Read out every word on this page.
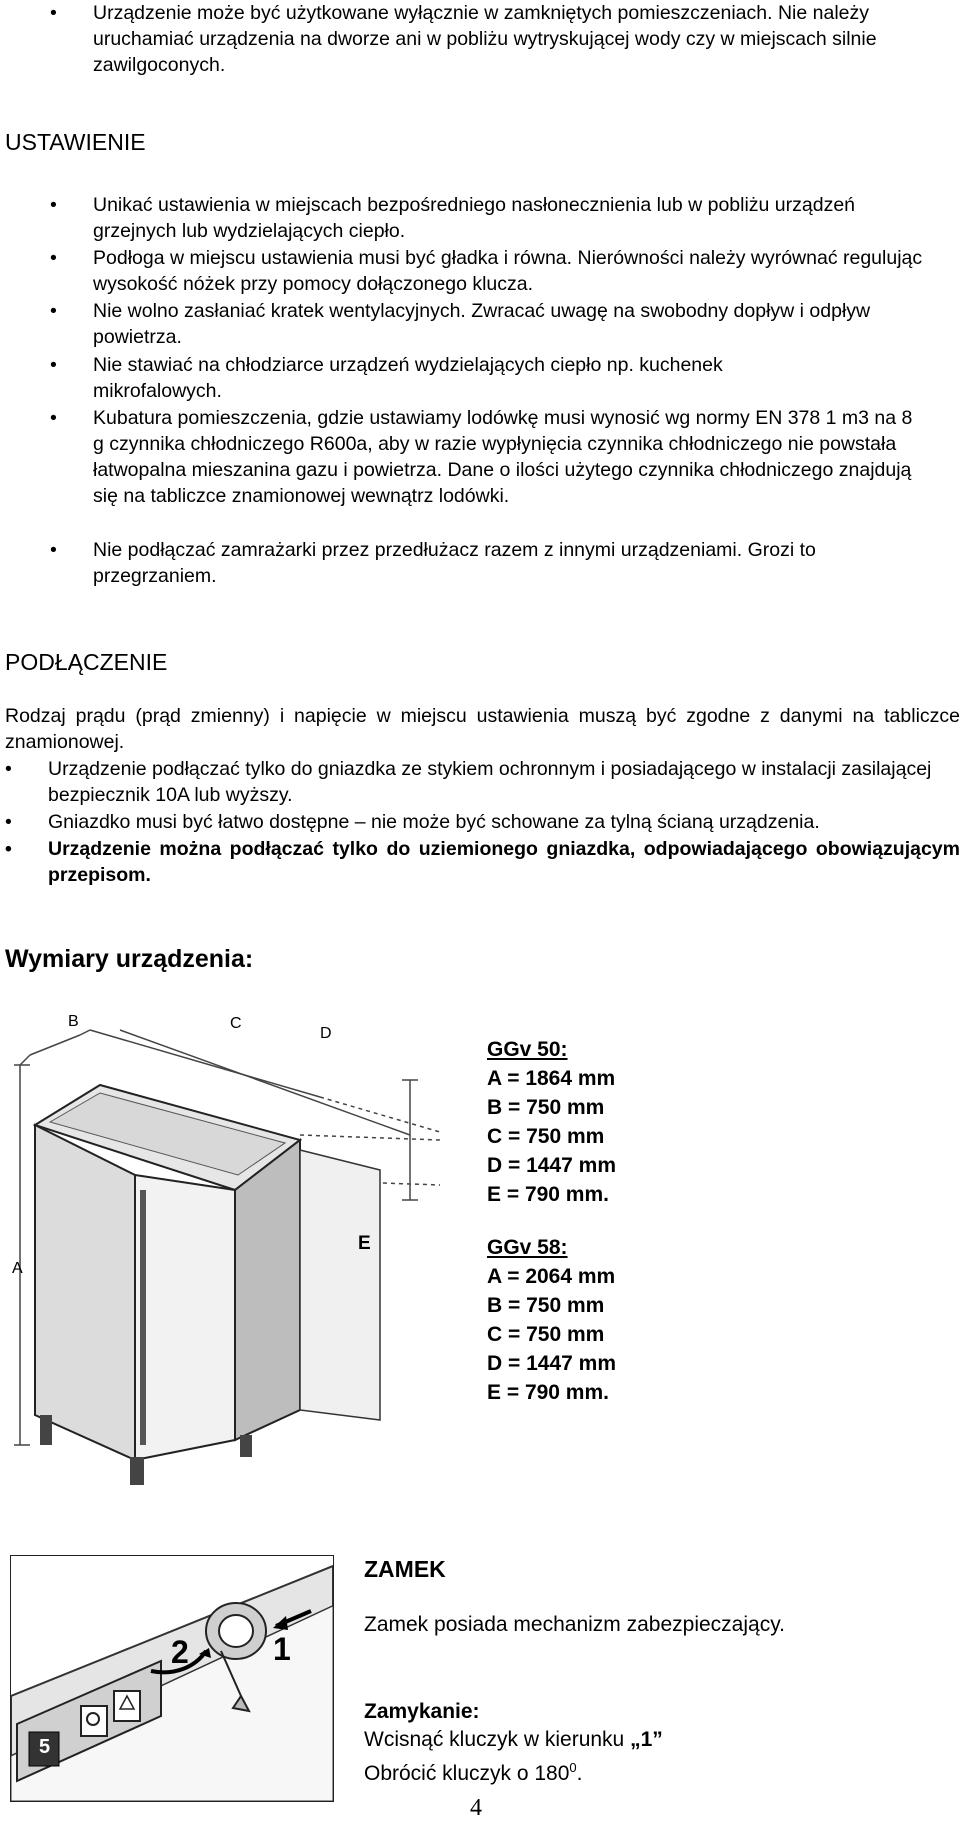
• Urządzenie może być użytkowane wyłącznie w zamkniętych pomieszczeniach. Nie należy uruchamiać urządzenia na dworze ani w pobliżu wytryskującej wody czy w miejscach silnie zawilgoconych.
USTAWIENIE
• Unikać ustawienia w miejscach bezpośredniego nasłonecznienia lub w pobliżu urządzeń grzejnych lub wydzielających ciepło.
• Podłoga w miejscu ustawienia musi być gładka i równa. Nierówności należy wyrównać regulując wysokość nóżek przy pomocy dołączonego klucza.
• Nie wolno zasłaniać kratek wentylacyjnych. Zwracać uwagę na swobodny dopływ i odpływ powietrza.
• Nie stawiać na chłodziarce urządzeń wydzielających ciepło np. kuchenek mikrofalowych.
• Kubatura pomieszczenia, gdzie ustawiamy lodówkę musi wynosić wg normy EN 378 1 m3 na 8 g czynnika chłodniczego R600a, aby w razie wypłynięcia czynnika chłodniczego nie powstała łatwopalna mieszanina gazu i powietrza. Dane o ilości użytego czynnika chłodniczego znajdują się na tabliczce znamionowej wewnątrz lodówki.
• Nie podłączać zamrażarki przez przedłużacz razem z innymi urządzeniami. Grozi to przegrzaniem.
PODŁĄCZENIE
Rodzaj prądu (prąd zmienny) i napięcie w miejscu ustawienia muszą być zgodne z danymi na tabliczce znamionowej.
• Urządzenie podłączać tylko do gniazdka ze stykiem ochronnym i posiadającego w instalacji zasilającej bezpiecznik 10A lub wyższy.
• Gniazdko musi być łatwo dostępne – nie może być schowane za tylną ścianą urządzenia.
• Urządzenie można podłączać tylko do uziemionego gniazdka, odpowiadającego obowiązującym przepisom.
Wymiary urządzenia:
A
B	C
D
E
GGv 50:
A = 1864 mm
B = 750 mm
C = 750 mm
D = 1447 mm
E = 790 mm.
GGv 58:
A = 2064 mm
B = 750 mm
C = 750 mm
D = 1447 mm
E = 790 mm.
1
2
5
ZAMEK
Zamek posiada mechanizm zabezpieczający.
Zamykanie:
Wcisnąć kluczyk w kierunku „1”
Obrócić kluczyk o $180^0$.
4
